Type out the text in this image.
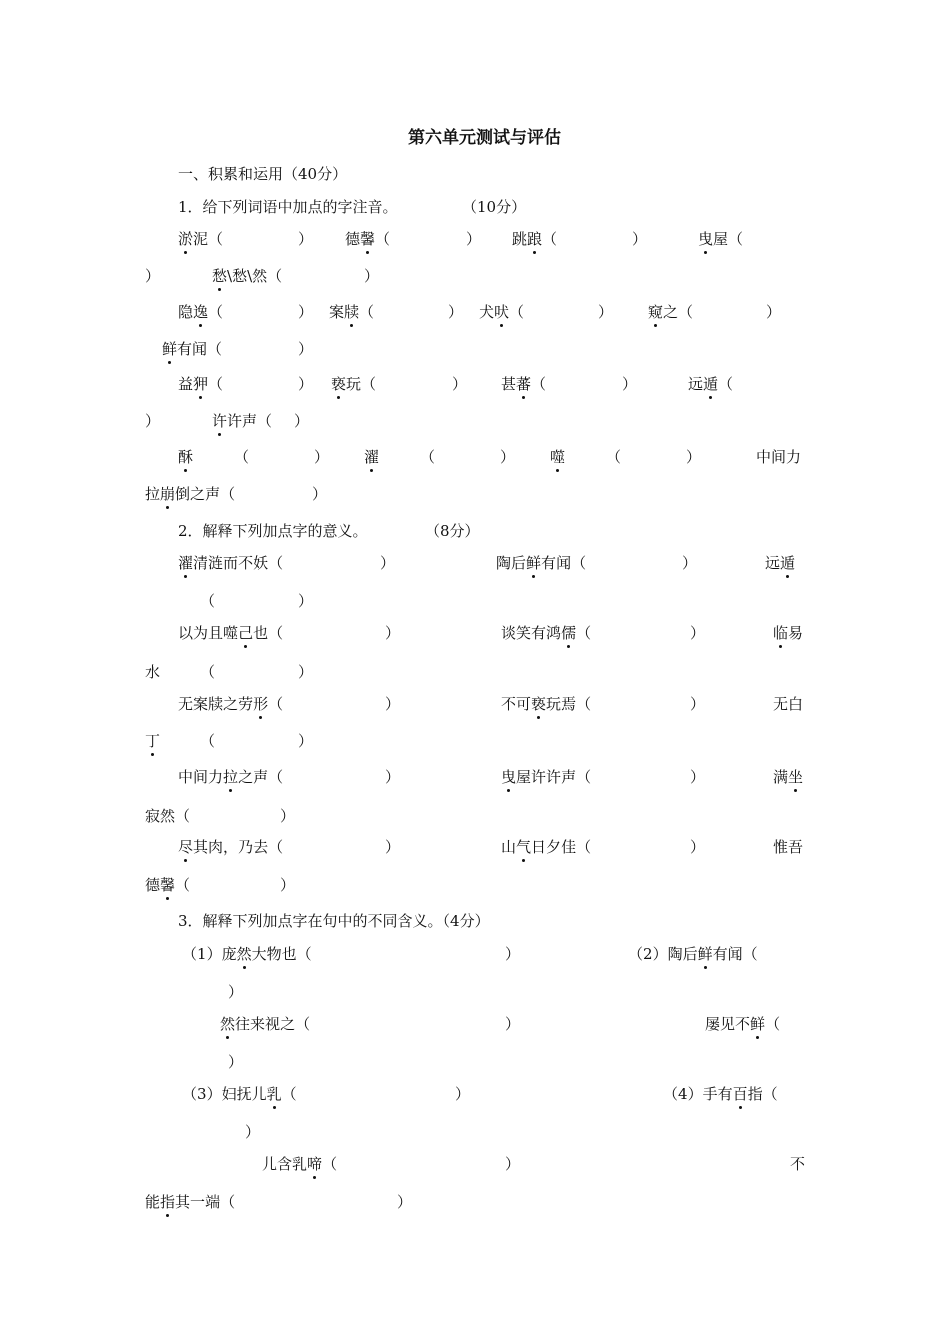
第六单元测试与评估
一、积累和运用（40分）
1．给下列词语中加点的字注音。	（10分）
淤泥（	） 德馨（	） 跳踉（	）	曳屋（
）	愁\愁\然（	）
隐逸（	） 案牍（	） 犬吠（	） 窥之（	）
鲜有闻（	）
益狎（	） 亵玩（	） 甚蕃（	）	远遁（
）	许许声（ ）
酥	（	） 濯	（	） 噬	（	）	中间力
拉崩倒之声（	）
2．解释下列加点字的意义。	（8分）
濯清涟而不妖（	）	陶后鲜有闻（	）	远遁
（	）
以为且噬己也（	）	谈笑有鸿儒（	）	临易
水	（	）
无案牍之劳形（	）	不可亵玩焉（	）	无白
丁	（	）
中间力拉之声（	）	曳屋许许声（	）	满坐
寂然（	）
尽其肉，乃去（	）	山气日夕佳（	）	惟吾
德馨（	）
3．解释下列加点字在句中的不同含义。（4分）
（1）庞然大物也（	）	（2）陶后鲜有闻（
）
然往来视之（	）	屡见不鲜（
）
（3）妇抚儿乳（	）	（4）手有百指（
）
儿含乳啼（	）	不
能指其一端（	）
